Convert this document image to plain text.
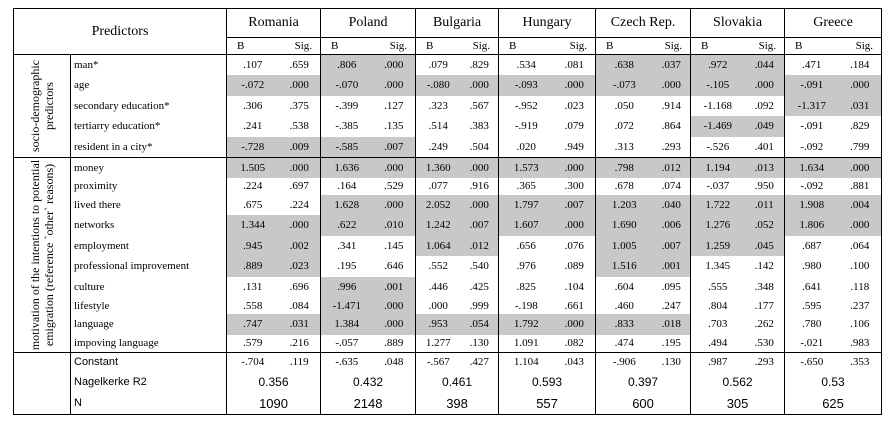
Predictors		Romania		Poland		Bulgaria		Hungary		Czech Rep.		Slovakia		Greece	
		B	Sig.	B	Sig.	B	Sig.	B	Sig.	B	Sig.	B	Sig.	B	Sig.

socio-demographic predictors	man*	.107	.659	.806	.000	.079	.829	.534	.081	.638	.037	.972	.044	.471	.184
	age	-.072	.000	-.070	.000	-.080	.000	-.093	.000	-.073	.000	-.105	.000	-.091	.000
	secondary education*	.306	.375	-.399	.127	.323	.567	-.952	.023	.050	.914	-1.168	.092	-1.317	.031
	tertiarry education*	.241	.538	-.385	.135	.514	.383	-.919	.079	.072	.864	-1.469	.049	-.091	.829
	resident in a city*	-.728	.009	-.585	.007	.249	.504	.020	.949	.313	.293	-.526	.401	-.092	.799

motivation of the intentions to potential emigration (reference `other` reasons)	money	1.505	.000	1.636	.000	1.360	.000	1.573	.000	.798	.012	1.194	.013	1.634	.000
	proximity	.224	.697	.164	.529	.077	.916	.365	.300	.678	.074	-.037	.950	-.092	.881
	lived there	.675	.224	1.628	.000	2.052	.000	1.797	.007	1.203	.040	1.722	.011	1.908	.004
	networks	1.344	.000	.622	.010	1.242	.007	1.607	.000	1.690	.006	1.276	.052	1.806	.000
	employment	.945	.002	.341	.145	1.064	.012	.656	.076	1.005	.007	1.259	.045	.687	.064
	professional improvement	.889	.023	.195	.646	.552	.540	.976	.089	1.516	.001	1.345	.142	.980	.100
	culture	.131	.696	.996	.001	.446	.425	.825	.104	.604	.095	.555	.348	.641	.118
	lifestyle	.558	.084	-1.471	.000	.000	.999	-.198	.661	.460	.247	.804	.177	.595	.237
	language	.747	.031	1.384	.000	.953	.054	1.792	.000	.833	.018	.703	.262	.780	.106
	impoving language	.579	.216	-.057	.889	1.277	.130	1.091	.082	.474	.195	.494	.530	-.021	.983
	Constant	-.704	.119	-.635	.048	-.567	.427	1.104	.043	-.906	.130	.987	.293	-.650	.353
	Nagelkerke R2	0.356		0.432		0.461		0.593		0.397		0.562		0.53	
	N	1090		2148		398		557		600		305		625	
